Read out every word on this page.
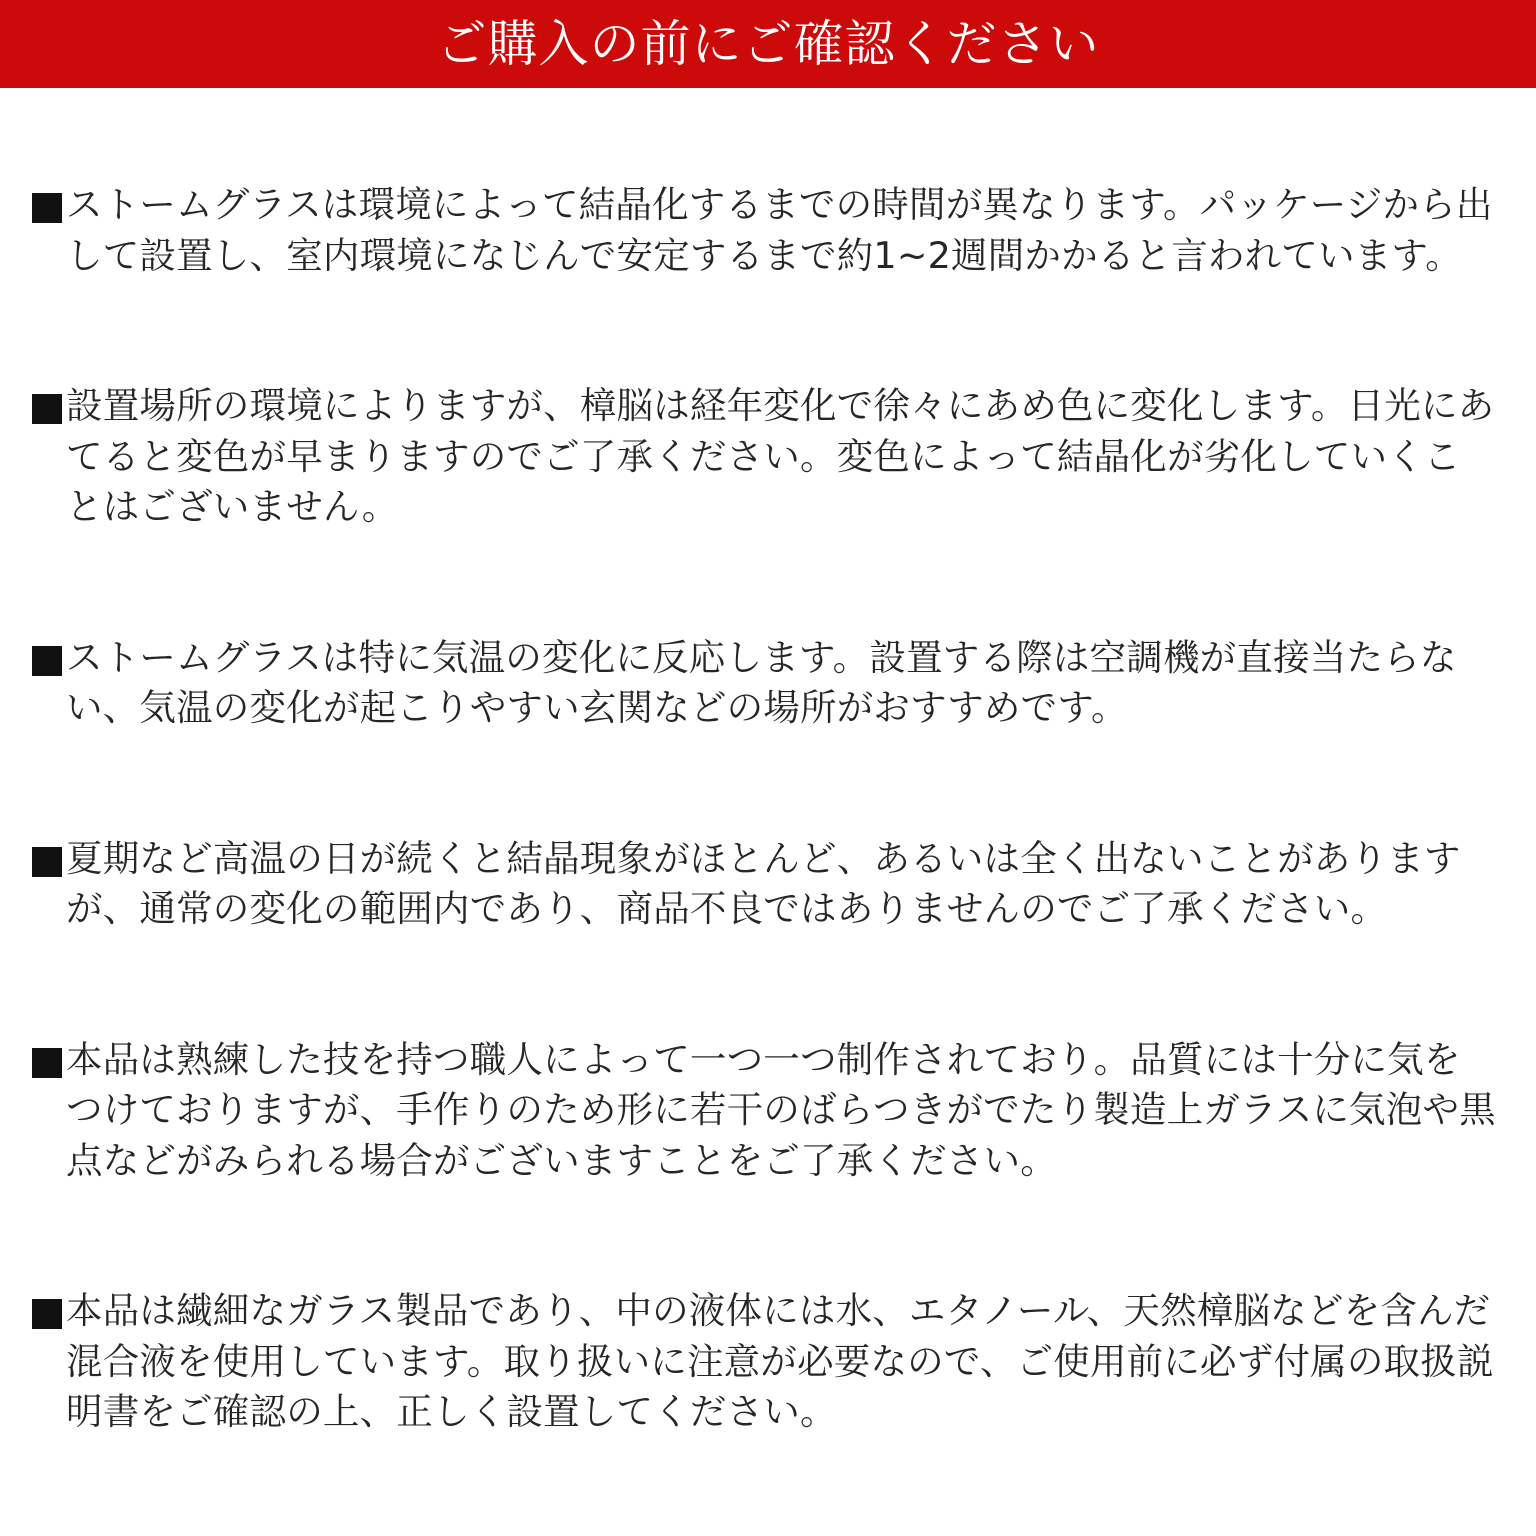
ご購入の前にご確認ください
ストームグラスは環境によって結晶化するまでの時間が異なります。パッケージから出して設置し、室内環境になじんで安定するまで約1~2週間かかると言われています。
設置場所の環境によりますが、樟脳は経年変化で徐々にあめ色に変化します。日光にあてると変色が早まりますのでご了承ください。変色によって結晶化が劣化していくことはございません。
ストームグラスは特に気温の変化に反応します。設置する際は空調機が直接当たらない、気温の変化が起こりやすい玄関などの場所がおすすめです。
夏期など高温の日が続くと結晶現象がほとんど、あるいは全く出ないことがありますが、通常の変化の範囲内であり、商品不良ではありませんのでご了承ください。
本品は熟練した技を持つ職人によって一つ一つ制作されており。品質には十分に気をつけておりますが、手作りのため形に若干のばらつきがでたり製造上ガラスに気泡や黒点などがみられる場合がございますことをご了承ください。
本品は繊細なガラス製品であり、中の液体には水、エタノール、天然樟脳などを含んだ混合液を使用しています。取り扱いに注意が必要なので、ご使用前に必ず付属の取扱説明書をご確認の上、正しく設置してください。
